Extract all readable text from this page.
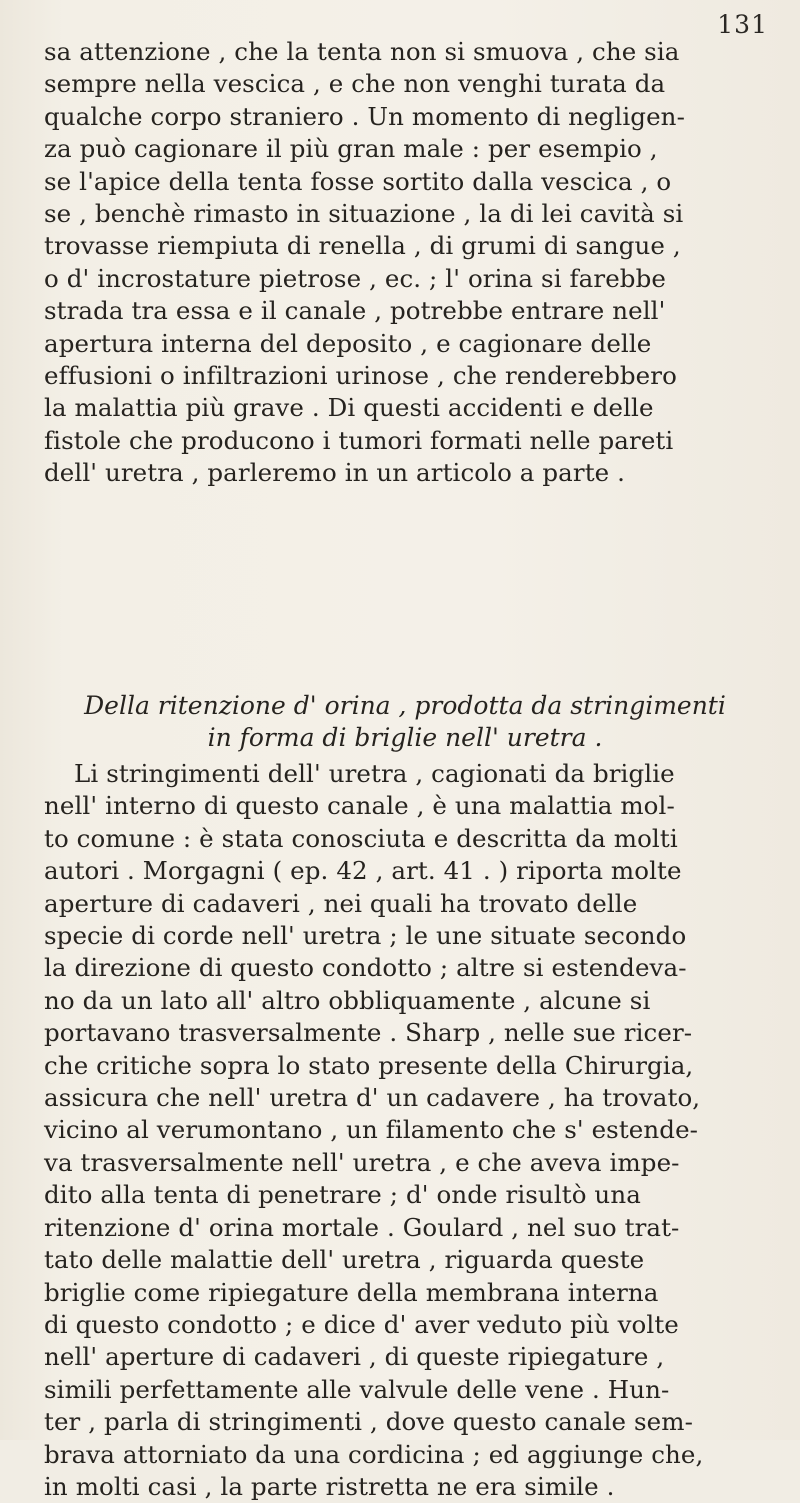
131
sa attenzione , che la tenta non si smuova , che sia
sempre nella vescica , e che non venghi turata da
qualche corpo straniero . Un momento di negligen-
za può cagionare il più gran male : per esempio ,
se l'apice della tenta fosse sortito dalla vescica , o
se , benchè rimasto in situazione , la di lei cavità si
trovasse riempiuta di renella , di grumi di sangue ,
o d' incrostature pietrose , ec. ; l' orina si farebbe
strada tra essa e il canale , potrebbe entrare nell'
apertura interna del deposito , e cagionare delle
effusioni o infiltrazioni urinose , che renderebbero
la malattia più grave . Di questi accidenti e delle
fistole che producono i tumori formati nelle pareti
dell' uretra , parleremo in un articolo a parte .
Della ritenzione d' orina , prodotta da stringimenti
in forma di briglie nell' uretra .
Li stringimenti dell' uretra , cagionati da briglie
nell' interno di questo canale , è una malattia mol-
to comune : è stata conosciuta e descritta da molti
autori . Morgagni ( ep. 42 , art. 41 . ) riporta molte
aperture di cadaveri , nei quali ha trovato delle
specie di corde nell' uretra ; le une situate secondo
la direzione di questo condotto ; altre si estendeva-
no da un lato all' altro obbliquamente , alcune si
portavano trasversalmente . Sharp , nelle sue ricer-
che critiche sopra lo stato presente della Chirurgia,
assicura che nell' uretra d' un cadavere , ha trovato,
vicino al verumontano , un filamento che s' estende-
va trasversalmente nell' uretra , e che aveva impe-
dito alla tenta di penetrare ; d' onde risultò una
ritenzione d' orina mortale . Goulard , nel suo trat-
tato delle malattie dell' uretra , riguarda queste
briglie come ripiegature della membrana interna
di questo condotto ; e dice d' aver veduto più volte
nell' aperture di cadaveri , di queste ripiegature ,
simili perfettamente alle valvule delle vene . Hun-
ter , parla di stringimenti , dove questo canale sem-
brava attorniato da una cordicina ; ed aggiunge che,
in molti casi , la parte ristretta ne era simile .
